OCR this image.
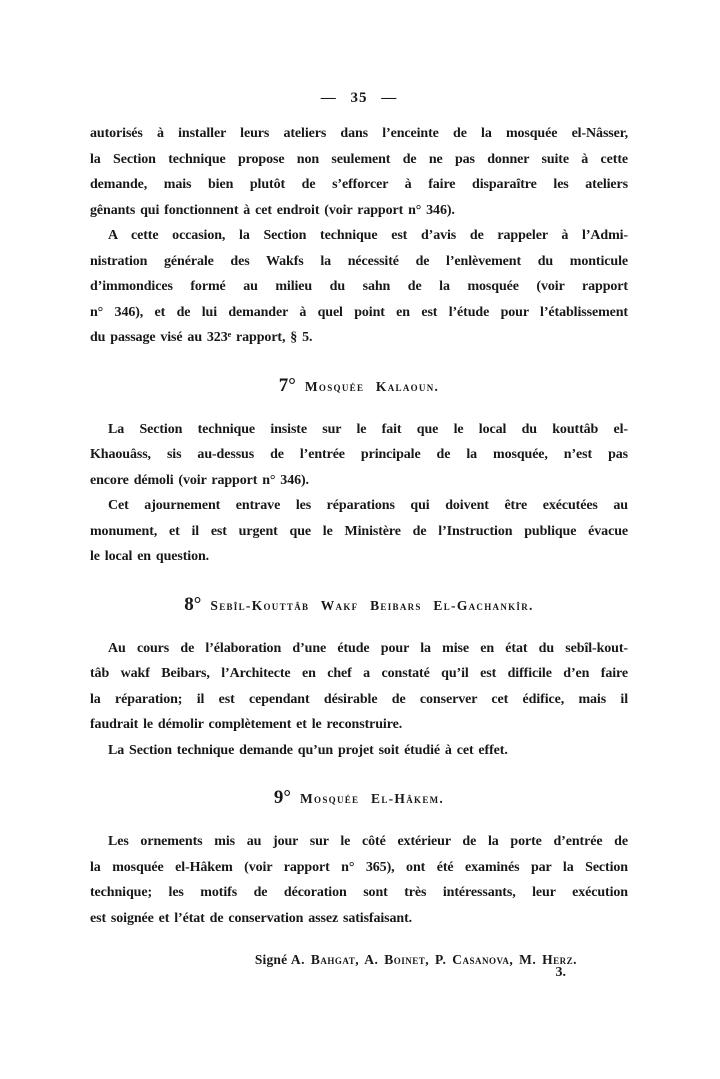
— 35 —
autorisés à installer leurs ateliers dans l’enceinte de la mosquée el-Nâsser,
la Section technique propose non seulement de ne pas donner suite à cette
demande, mais bien plutôt de s’efforcer à faire disparaître les ateliers
gênants qui fonctionnent à cet endroit (voir rapport n° 346).
A cette occasion, la Section technique est d’avis de rappeler à l’Admi-
nistration générale des Wakfs la nécessité de l’enlèvement du monticule
d’immondices formé au milieu du sahn de la mosquée (voir rapport
n° 346), et de lui demander à quel point en est l’étude pour l’établissement
du passage visé au 323ᵉ rapport, § 5.
7° Mosquée Kalaoun.
La Section technique insiste sur le fait que le local du kouttâb el-
Khaouâss, sis au-dessus de l’entrée principale de la mosquée, n’est pas
encore démoli (voir rapport n° 346).
Cet ajournement entrave les réparations qui doivent être exécutées au
monument, et il est urgent que le Ministère de l’Instruction publique évacue
le local en question.
8° Sebîl-Kouttâb Wakf Beibars El-Gachankîr.
Au cours de l’élaboration d’une étude pour la mise en état du sebîl-kout-
tâb wakf Beibars, l’Architecte en chef a constaté qu’il est difficile d’en faire
la réparation; il est cependant désirable de conserver cet édifice, mais il
faudrait le démolir complètement et le reconstruire.
La Section technique demande qu’un projet soit étudié à cet effet.
9° Mosquée El-Hâkem.
Les ornements mis au jour sur le côté extérieur de la porte d’entrée de
la mosquée el-Hâkem (voir rapport n° 365), ont été examinés par la Section
technique; les motifs de décoration sont très intéressants, leur exécution
est soignée et l’état de conservation assez satisfaisant.
Signé A. Bahgat, A. Boinet, P. Casanova, M. Herz.
3.
